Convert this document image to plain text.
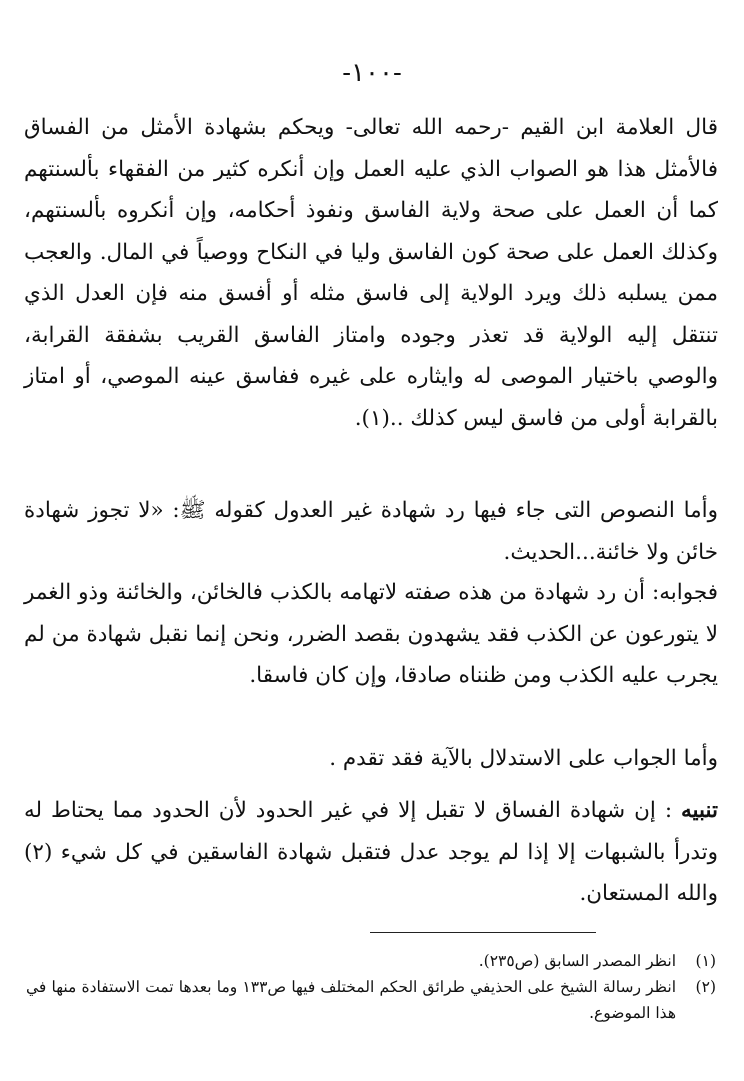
-١٠٠-

قال العلامة ابن القيم -رحمه الله تعالى- ويحكم بشهادة الأمثل من الفساق فالأمثل هذا هو الصواب الذي عليه العمل وإن أنكره كثير من الفقهاء بألسنتهم كما أن العمل على صحة ولاية الفاسق ونفوذ أحكامه، وإن أنكروه بألسنتهم، وكذلك العمل على صحة كون الفاسق وليا في النكاح ووصياً في المال. والعجب ممن يسلبه ذلك ويرد الولاية إلى فاسق مثله أو أفسق منه فإن العدل الذي تنتقل إليه الولاية قد تعذر وجوده وامتاز الفاسق القريب بشفقة القرابة، والوصي باختيار الموصى له وايثاره على غيره ففاسق عينه الموصي، أو امتاز بالقرابة أولى من فاسق ليس كذلك ..(١).

وأما النصوص التى جاء فيها رد شهادة غير العدول كقوله ﷺ: «لا تجوز شهادة خائن ولا خائنة...الحديث.

فجوابه: أن رد شهادة من هذه صفته لاتهامه بالكذب فالخائن، والخائنة وذو الغمر لا يتورعون عن الكذب فقد يشهدون بقصد الضرر، ونحن إنما نقبل شهادة من لم يجرب عليه الكذب ومن ظنناه صادقا، وإن كان فاسقا.

وأما الجواب على الاستدلال بالآية فقد تقدم .

تنبيه : إن شهادة الفساق لا تقبل إلا في غير الحدود لأن الحدود مما يحتاط له وتدرأ بالشبهات إلا إذا لم يوجد عدل فتقبل شهادة الفاسقين في كل شيء (٢) والله المستعان.

(١)
انظر المصدر السابق (ص٢٣٥).
(٢)
انظر رسالة الشيخ على الحذيفي طرائق الحكم المختلف فيها ص١٣٣ وما بعدها تمت الاستفادة منها في هذا الموضوع.
